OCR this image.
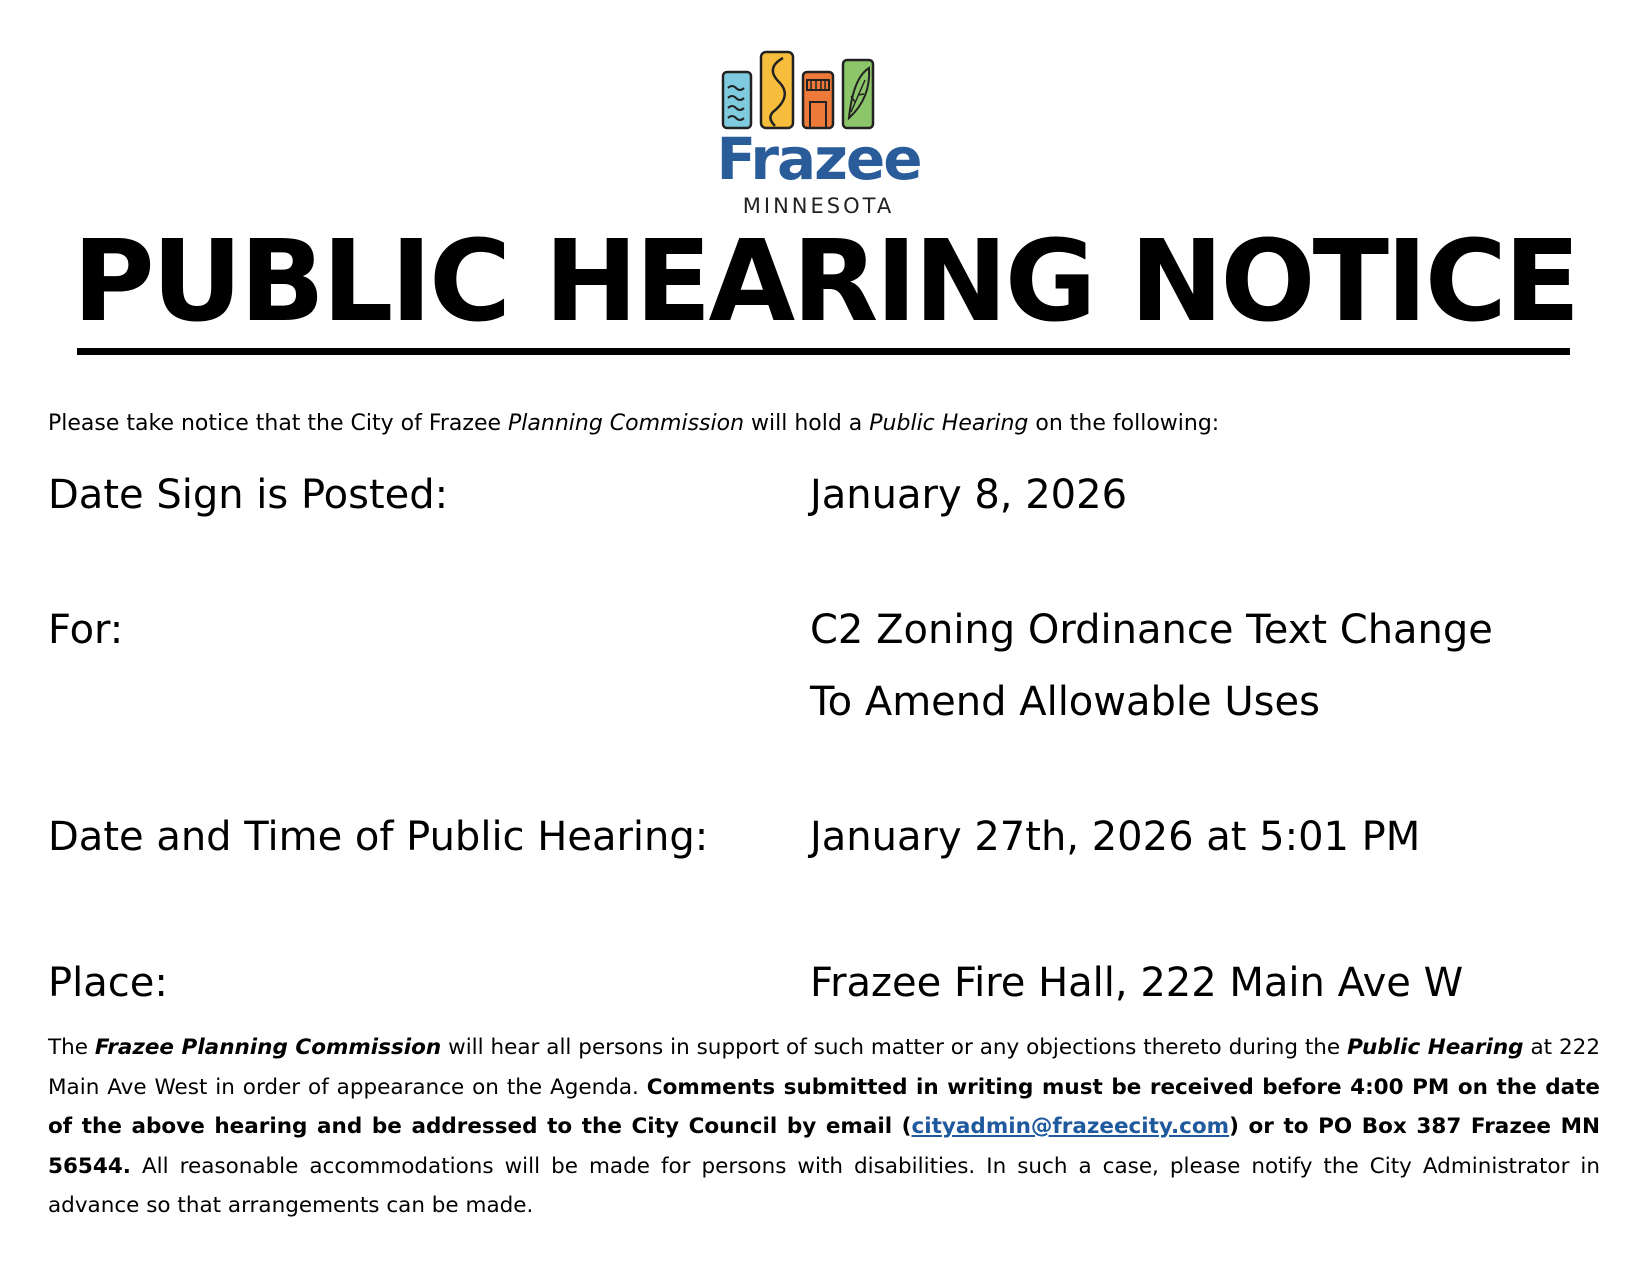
Frazee
MINNESOTA
PUBLIC HEARING NOTICE
Please take notice that the City of Frazee Planning Commission will hold a Public Hearing on the following:
Date Sign is Posted:	January 8, 2026
For:	C2 Zoning Ordinance Text Change
To Amend Allowable Uses
Date and Time of Public Hearing:	January 27th, 2026 at 5:01 PM
Place:	Frazee Fire Hall, 222 Main Ave W
The Frazee Planning Commission will hear all persons in support of such matter or any objections thereto during the Public Hearing at 222 Main Ave West in order of appearance on the Agenda. Comments submitted in writing must be received before 4:00 PM on the date of the above hearing and be addressed to the City Council by email (cityadmin@frazeecity.com) or to PO Box 387 Frazee MN 56544. All reasonable accommodations will be made for persons with disabilities. In such a case, please notify the City Administrator in advance so that arrangements can be made.
